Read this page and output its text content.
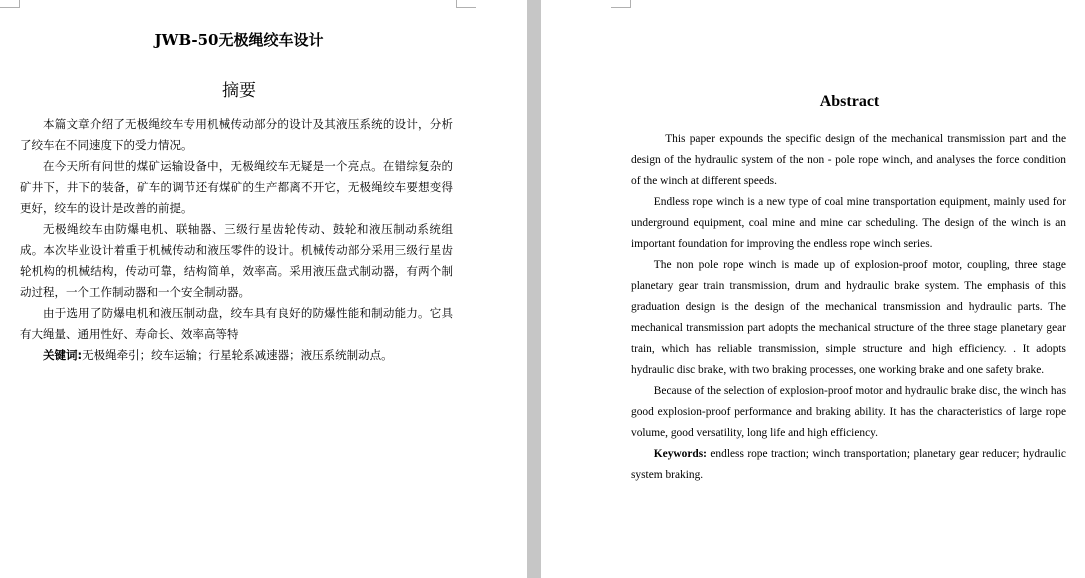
JWB-50无极绳绞车设计
摘要

本篇文章介绍了无极绳绞车专用机械传动部分的设计及其液压系统的设计，分析了绞车在不同速度下的受力情况。

在今天所有问世的煤矿运输设备中，无极绳绞车无疑是一个亮点。在错综复杂的矿井下，井下的装备，矿车的调节还有煤矿的生产都离不开它，无极绳绞车要想变得更好，绞车的设计是改善的前提。

无极绳绞车由防爆电机、联轴器、三级行星齿轮传动、鼓轮和液压制动系统组成。本次毕业设计着重于机械传动和液压零件的设计。机械传动部分采用三级行星齿轮机构的机械结构，传动可靠，结构简单，效率高。采用液压盘式制动器，有两个制动过程，一个工作制动器和一个安全制动器。

由于选用了防爆电机和液压制动盘，绞车具有良好的防爆性能和制动能力。它具有大绳量、通用性好、寿命长、效率高等特

关键词:无极绳牵引；绞车运输；行星轮系减速器；液压系统制动点。

Abstract

This paper expounds the specific design of the mechanical transmission part and the design of the hydraulic system of the non - pole rope winch, and analyses the force condition of the winch at different speeds.

Endless rope winch is a new type of coal mine transportation equipment, mainly used for underground equipment, coal mine and mine car scheduling. The design of the winch is an important foundation for improving the endless rope winch series.

The non pole rope winch is made up of explosion-proof motor, coupling, three stage planetary gear train transmission, drum and hydraulic brake system. The emphasis of this graduation design is the design of the mechanical transmission and hydraulic parts. The mechanical transmission part adopts the mechanical structure of the three stage planetary gear train, which has reliable transmission, simple structure and high efficiency. . It adopts hydraulic disc brake, with two braking processes, one working brake and one safety brake.

Because of the selection of explosion-proof motor and hydraulic brake disc, the winch has good explosion-proof performance and braking ability. It has the characteristics of large rope volume, good versatility, long life and high efficiency.

Keywords: endless rope traction; winch transportation; planetary gear reducer; hydraulic system braking.
